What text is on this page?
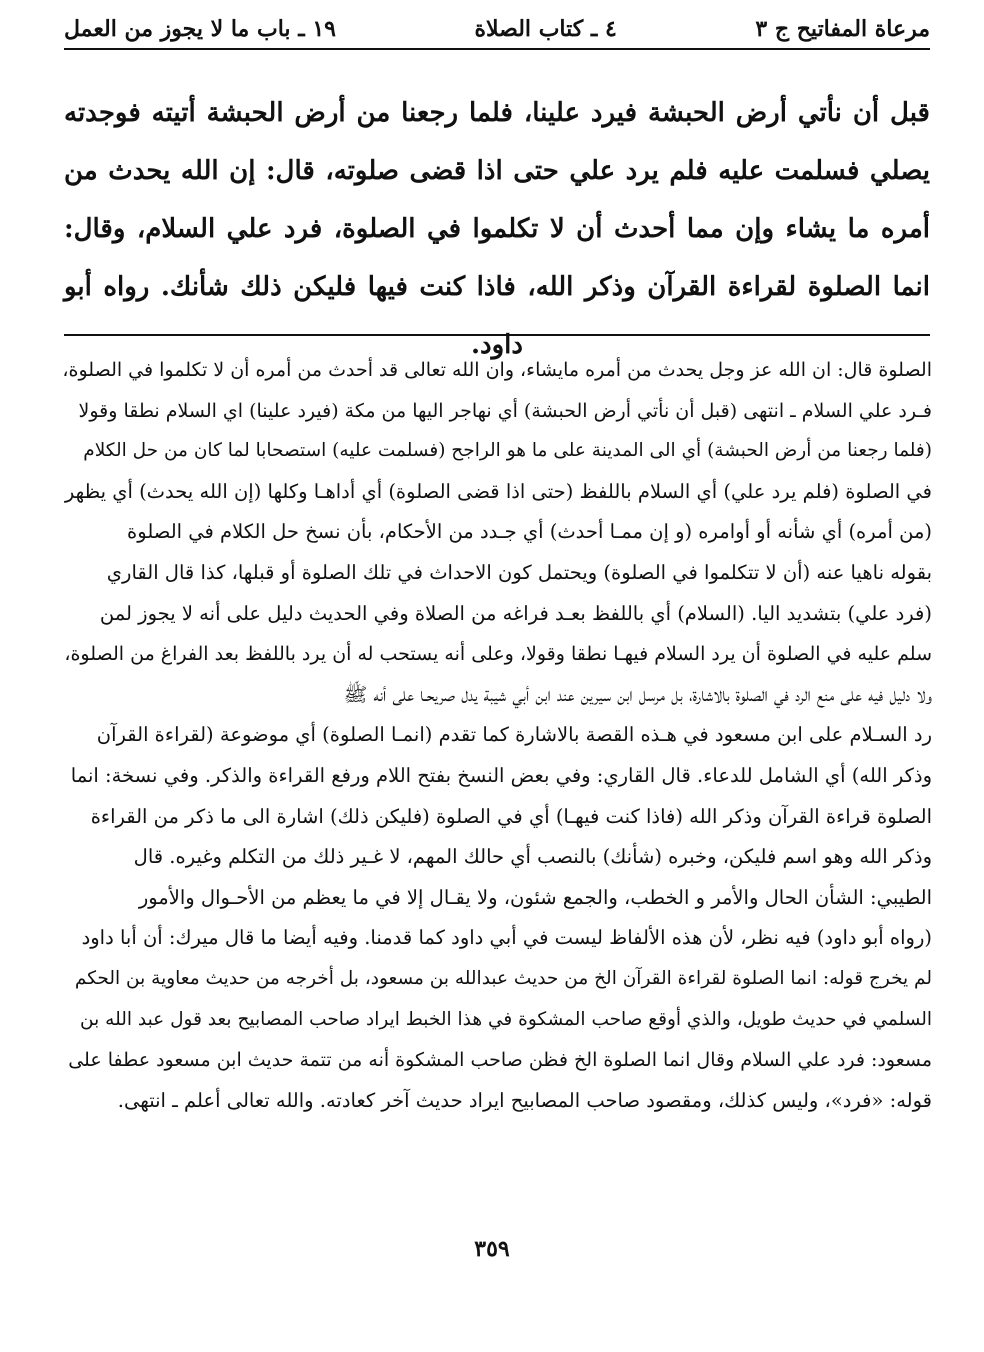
مرعاة المفاتيح ج ٣
٤ ـ كتاب الصلاة
١٩ ـ باب ما لا يجوز من العمل
قبل أن نأتي أرض الحبشة فيرد علينا، فلما رجعنا من أرض الحبشة أتيته فوجدته يصلي فسلمت عليه فلم يرد علي حتى اذا قضى صلوته، قال: إن الله يحدث من أمره ما يشاء وإن مما أحدث أن لا تكلموا في الصلوة، فرد علي السلام، وقال: انما الصلوة لقراءة القرآن وذكر الله، فاذا كنت فيها فليكن ذلك شأنك. رواه أبو داود.

الصلوة قال: ان الله عز وجل يحدث من أمره مايشاء، وان الله تعالى قد أحدث من أمره أن لا تكلموا في الصلوة،

فـرد علي السلام ـ انتهى (قبل أن نأتي أرض الحبشة) أي نهاجر اليها من مكة (فيرد علينا) اي السلام نطقا وقولا

(فلما رجعنا من أرض الحبشة) أي الى المدينة على ما هو الراجح (فسلمت عليه) استصحابا لما كان من حل الكلام

في الصلوة (فلم يرد علي) أي السلام باللفظ (حتى اذا قضى الصلوة) أي أداهـا وكلها (إن الله يحدث) أي يظهر

(من أمره) أي شأنه أو أوامره (و إن ممـا أحدث) أي جـدد من الأحكام، بأن نسخ حل الكلام في الصلوة

بقوله ناهيا عنه (أن لا تتكلموا في الصلوة) ويحتمل كون الاحداث في تلك الصلوة أو قبلها، كذا قال القاري

(فرد علي) بتشديد اليا. (السلام) أي باللفظ بعـد فراغه من الصلاة وفي الحديث دليل على أنه لا يجوز لمن

سلم عليه في الصلوة أن يرد السلام فيهـا نطقا وقولا، وعلى أنه يستحب له أن يرد باللفظ بعد الفراغ من الصلوة،

ولا دليل فيه على منع الرد في الصلوة بالاشارة، بل مرسل ابن سيرين عند ابن أبي شيبة يدل صريحـا على أنه ﷺ

رد السـلام على ابن مسعود في هـذه القصة بالاشارة كما تقدم (انمـا الصلوة) أي موضوعة (لقراءة القرآن

وذكر الله) أي الشامل للدعاء. قال القاري: وفي بعض النسخ بفتح اللام ورفع القراءة والذكر. وفي نسخة: انما

الصلوة قراءة القرآن وذكر الله (فاذا كنت فيهـا) أي في الصلوة (فليكن ذلك) اشارة الى ما ذكر من القراءة

وذكر الله وهو اسم فليكن، وخبره (شأنك) بالنصب أي حالك المهم، لا غـير ذلك من التكلم وغيره. قال

الطيبي: الشأن الحال والأمر و الخطب، والجمع شئون، ولا يقـال إلا في ما يعظم من الأحـوال والأمور

(رواه أبو داود) فيه نظر، لأن هذه الألفاظ ليست في أبي داود كما قدمنا. وفيه أيضا ما قال ميرك: أن أبا داود

لم يخرج قوله: انما الصلوة لقراءة القرآن الخ من حديث عبدالله بن مسعود، بل أخرجه من حديث معاوية بن الحكم

السلمي في حديث طويل، والذي أوقع صاحب المشكوة في هذا الخبط ايراد صاحب المصابيح بعد قول عبد الله بن

مسعود: فرد علي السلام وقال انما الصلوة الخ فظن صاحب المشكوة أنه من تتمة حديث ابن مسعود عطفا على

قوله: «فرد»، وليس كذلك، ومقصود صاحب المصابيح ايراد حديث آخر كعادته. والله تعالى أعلم ـ انتهى.

٣٥٩
